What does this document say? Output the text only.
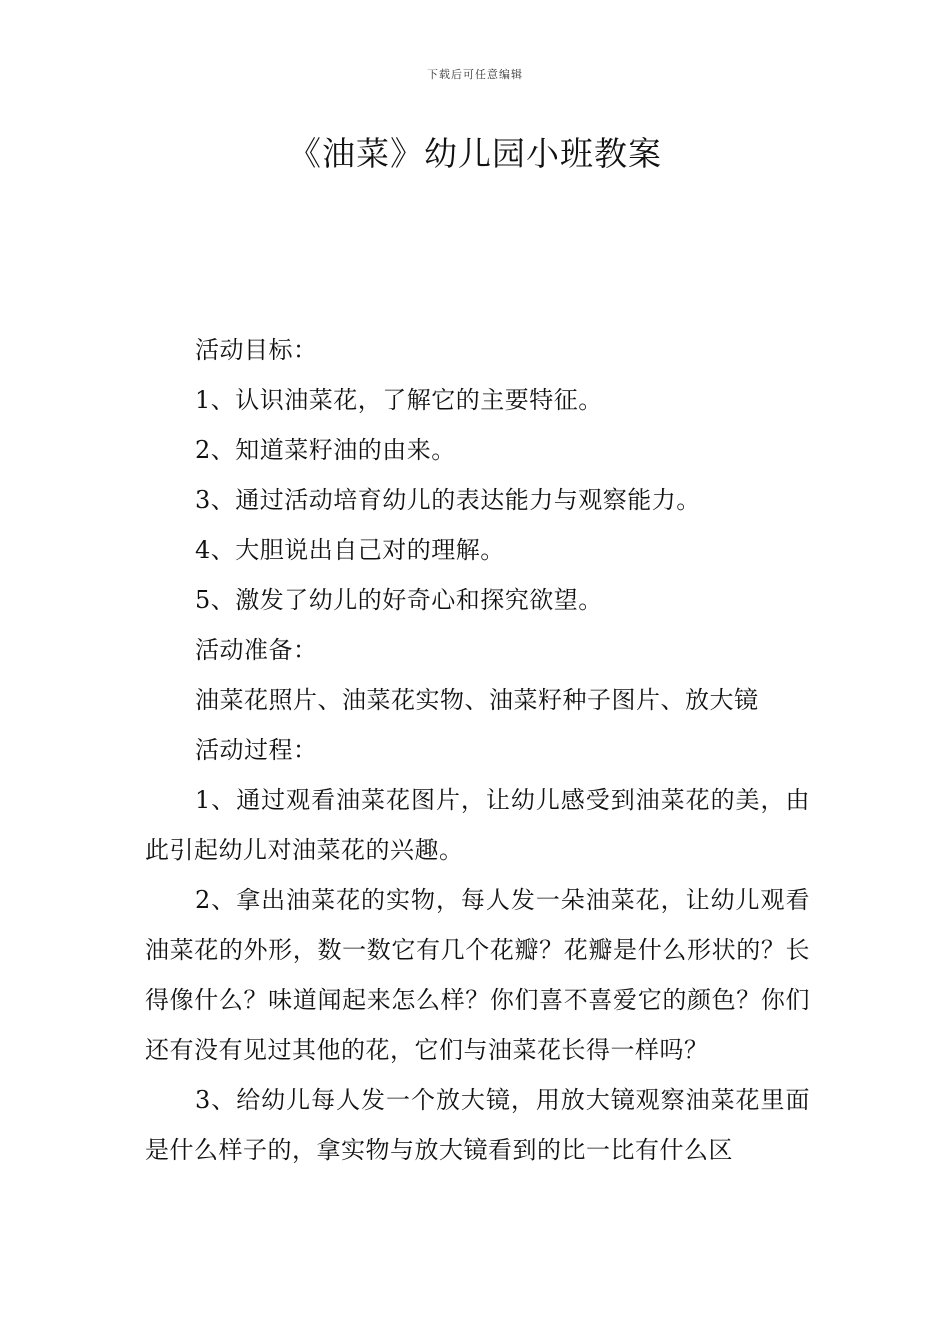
下载后可任意编辑
《油菜》幼儿园小班教案

活动目标：

1、认识油菜花，了解它的主要特征。

2、知道菜籽油的由来。

3、通过活动培育幼儿的表达能力与观察能力。

4、大胆说出自己对的理解。

5、激发了幼儿的好奇心和探究欲望。

活动准备：

油菜花照片、油菜花实物、油菜籽种子图片、放大镜

活动过程：

1、通过观看油菜花图片，让幼儿感受到油菜花的美，由此引起幼儿对油菜花的兴趣。

2、拿出油菜花的实物，每人发一朵油菜花，让幼儿观看油菜花的外形，数一数它有几个花瓣？花瓣是什么形状的？长得像什么？味道闻起来怎么样？你们喜不喜爱它的颜色？你们还有没有见过其他的花，它们与油菜花长得一样吗？

3、给幼儿每人发一个放大镜，用放大镜观察油菜花里面是什么样子的，拿实物与放大镜看到的比一比有什么区
